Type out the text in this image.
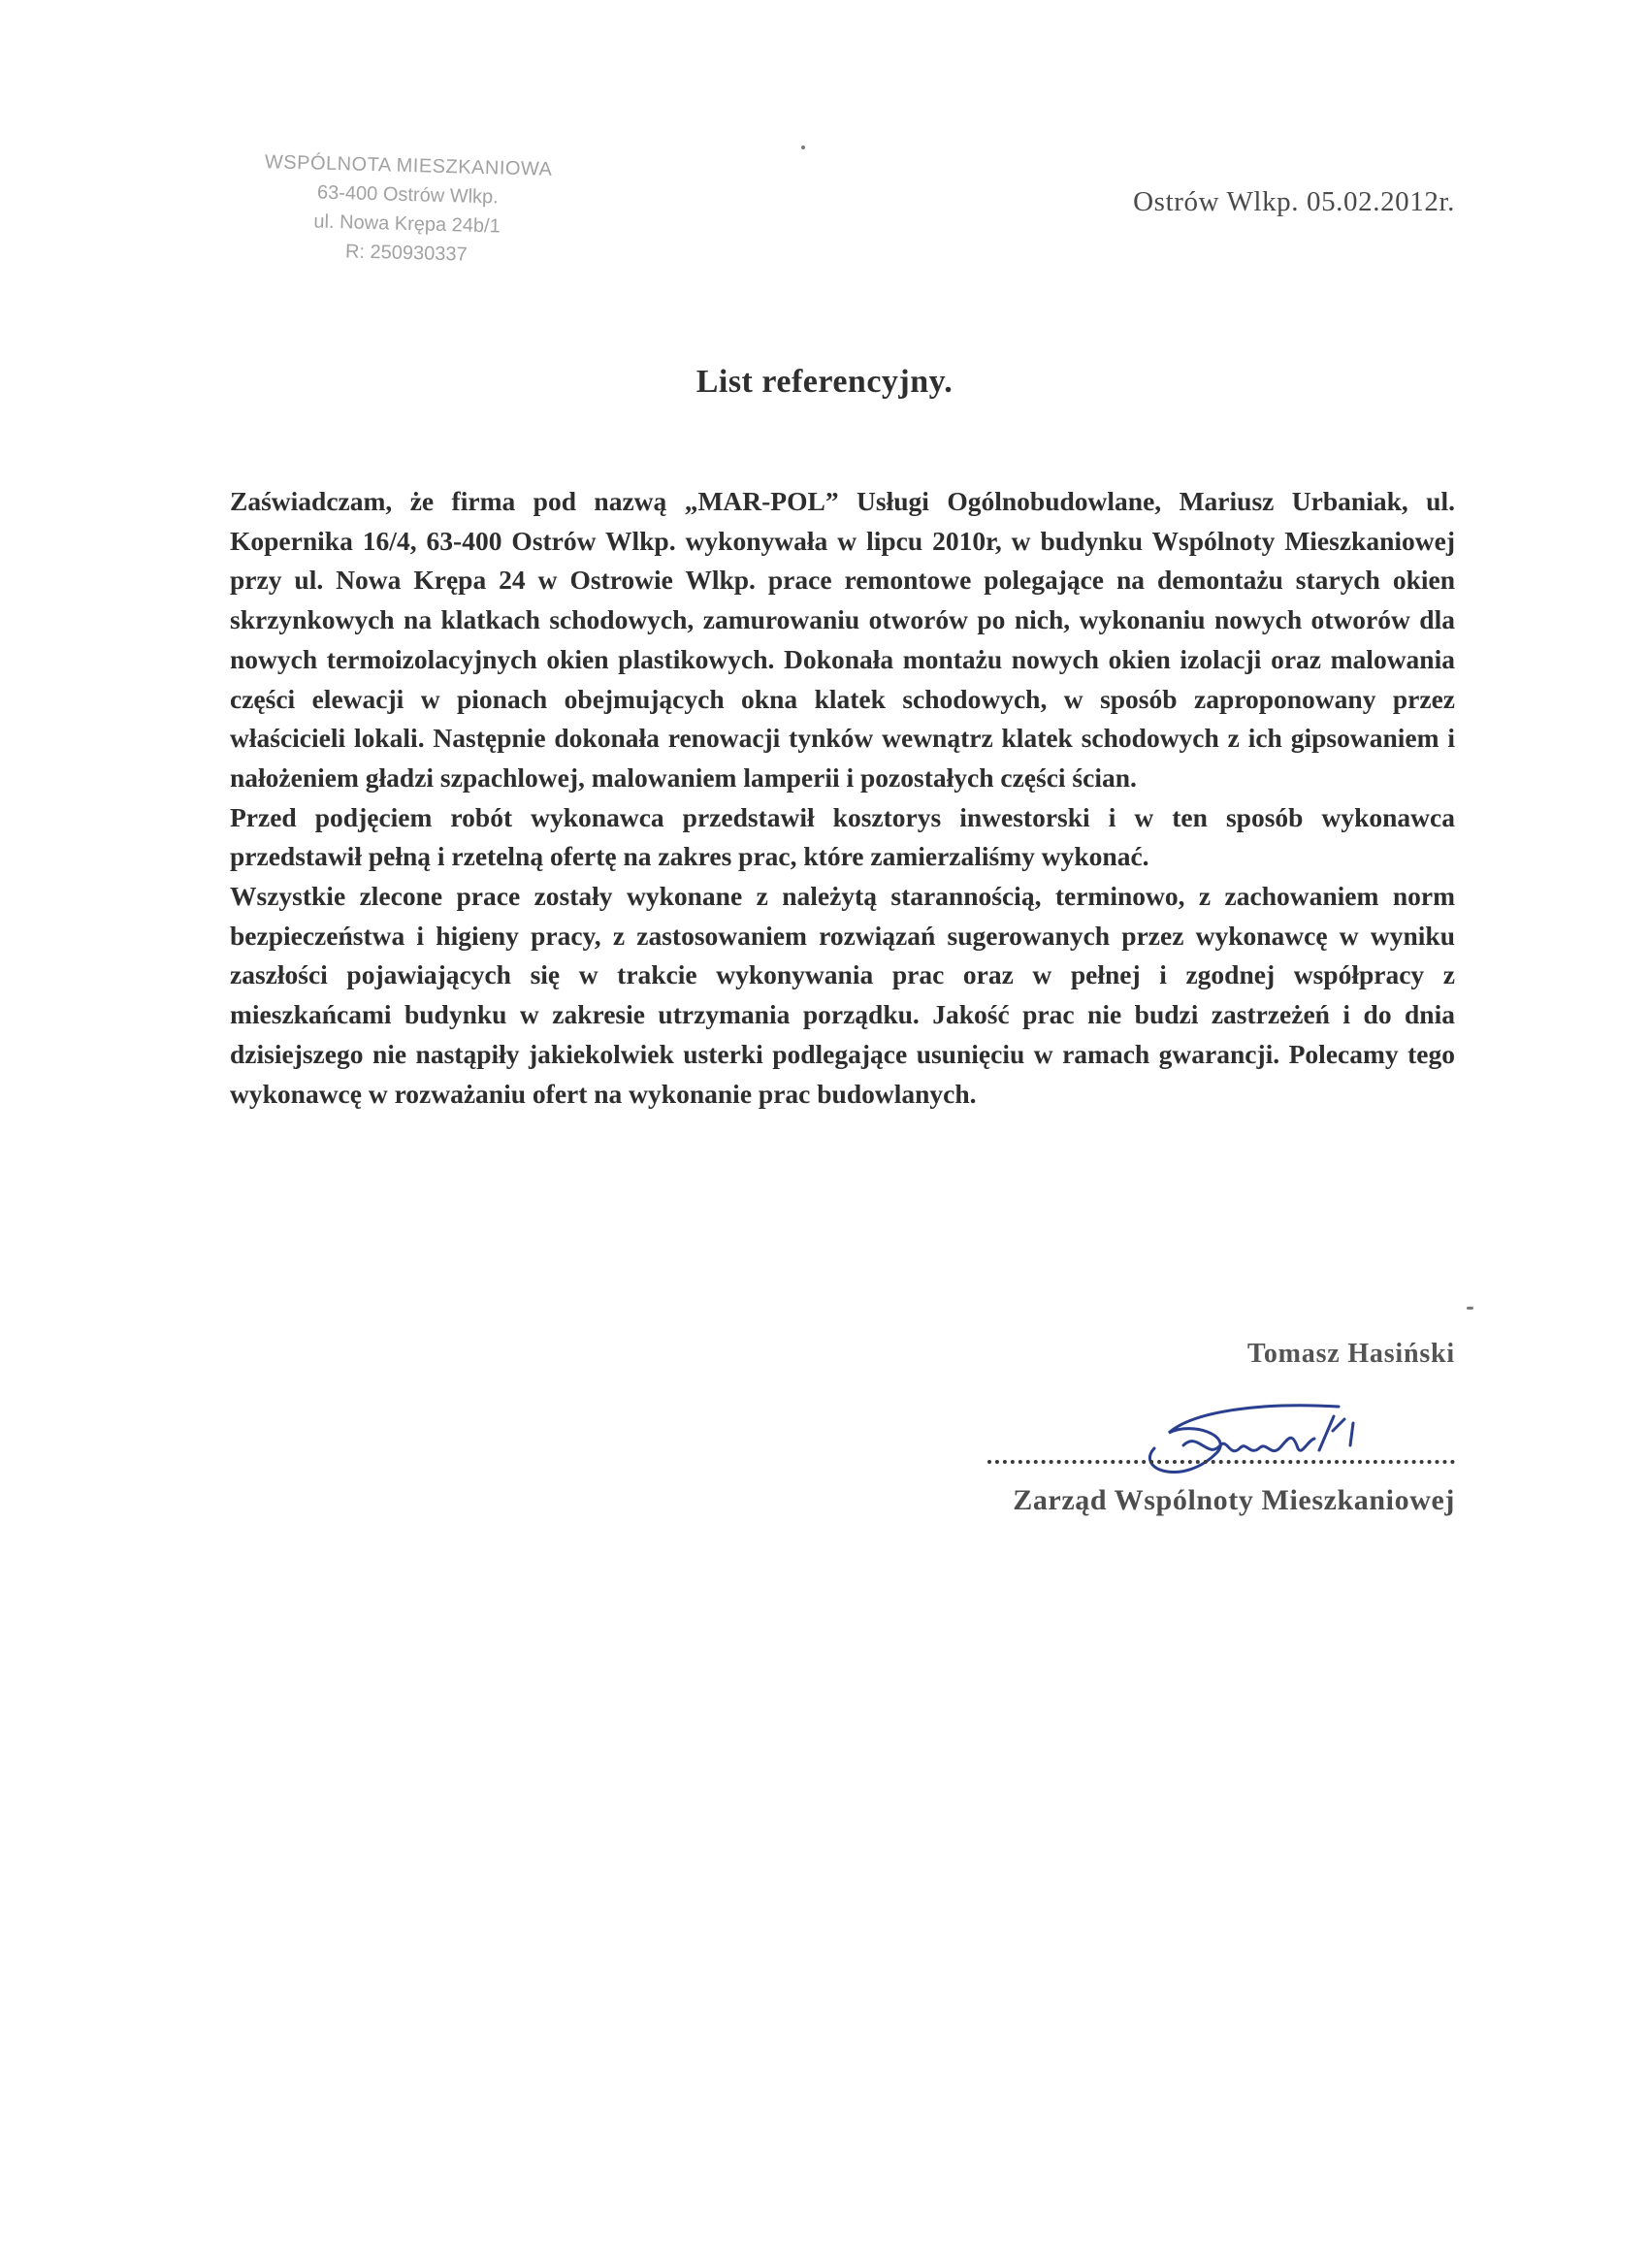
WSPÓLNOTA MIESZKANIOWA
63-400 Ostrów Wlkp.
ul. Nowa Krępa 24b/1
R: 250930337
Ostrów Wlkp. 05.02.2012r.
List referencyjny.

Zaświadczam, że firma pod nazwą „MAR-POL” Usługi Ogólnobudowlane, Mariusz Urbaniak, ul. Kopernika 16/4, 63-400 Ostrów Wlkp. wykonywała w lipcu 2010r, w budynku Wspólnoty Mieszkaniowej przy ul. Nowa Krępa 24 w Ostrowie Wlkp. prace remontowe polegające na demontażu starych okien skrzynkowych na klatkach schodowych, zamurowaniu otworów po nich, wykonaniu nowych otworów dla nowych termoizolacyjnych okien plastikowych. Dokonała montażu nowych okien izolacji oraz malowania części elewacji w pionach obejmujących okna klatek schodowych, w sposób zaproponowany przez właścicieli lokali. Następnie dokonała renowacji tynków wewnątrz klatek schodowych z ich gipsowaniem i nałożeniem gładzi szpachlowej, malowaniem lamperii i pozostałych części ścian.

Przed podjęciem robót wykonawca przedstawił kosztorys inwestorski i w ten sposób wykonawca przedstawił pełną i rzetelną ofertę na zakres prac, które zamierzaliśmy wykonać.

Wszystkie zlecone prace zostały wykonane z należytą starannością, terminowo, z zachowaniem norm bezpieczeństwa i higieny pracy, z zastosowaniem rozwiązań sugerowanych przez wykonawcę w wyniku zaszłości pojawiających się w trakcie wykonywania prac oraz w pełnej i zgodnej współpracy z mieszkańcami budynku w zakresie utrzymania porządku. Jakość prac nie budzi zastrzeżeń i do dnia dzisiejszego nie nastąpiły jakiekolwiek usterki podlegające usunięciu w ramach gwarancji. Polecamy tego wykonawcę w rozważaniu ofert na wykonanie prac budowlanych.

Tomasz Hasiński
Zarząd Wspólnoty Mieszkaniowej
